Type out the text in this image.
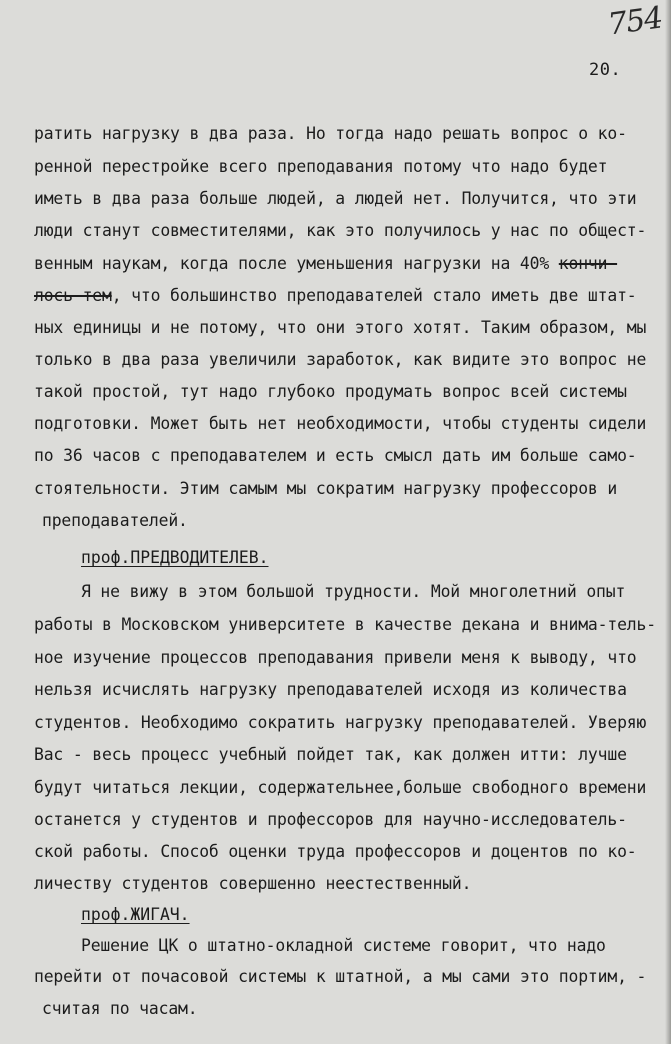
754
20.
ратить нагрузку в два раза. Но тогда надо решать вопрос о ко-
ренной перестройке всего преподавания потому что надо будет
иметь в два раза больше людей, а людей нет. Получится, что эти
люди станут совместителями, как это получилось у нас по общест-
венным наукам, когда после уменьшения нагрузки на 40% кончи-
лось тем, что большинство преподавателей стало иметь две штат-
ных единицы и не потому, что они этого хотят. Таким образом, мы
только в два раза увеличили заработок, как видите это вопрос не
такой простой, тут надо глубоко продумать вопрос всей системы
подготовки. Может быть нет необходимости, чтобы студенты сидели
по 36 часов с преподавателем и есть смысл дать им больше само-
стоятельности. Этим самым мы сократим нагрузку профессоров и
преподавателей.
проф.ПРЕДВОДИТЕЛЕВ.
Я не вижу в этом большой трудности. Мой многолетний опыт
работы в Московском университете в качестве декана и внима-тель-
ное изучение процессов преподавания привели меня к выводу, что
нельзя исчислять нагрузку преподавателей исходя из количества
студентов. Необходимо сократить нагрузку преподавателей. Уверяю
Вас - весь процесс учебный пойдет так, как должен итти: лучше
будут читаться лекции, содержательнее,больше свободного времени
останется у студентов и профессоров для научно-исследователь-
ской работы. Способ оценки труда профессоров и доцентов по ко-
личеству студентов совершенно неестественный.
проф.ЖИГАЧ.
Решение ЦК о штатно-окладной системе говорит, что надо
перейти от почасовой системы к штатной, а мы сами это портим, -
считая по часам.
